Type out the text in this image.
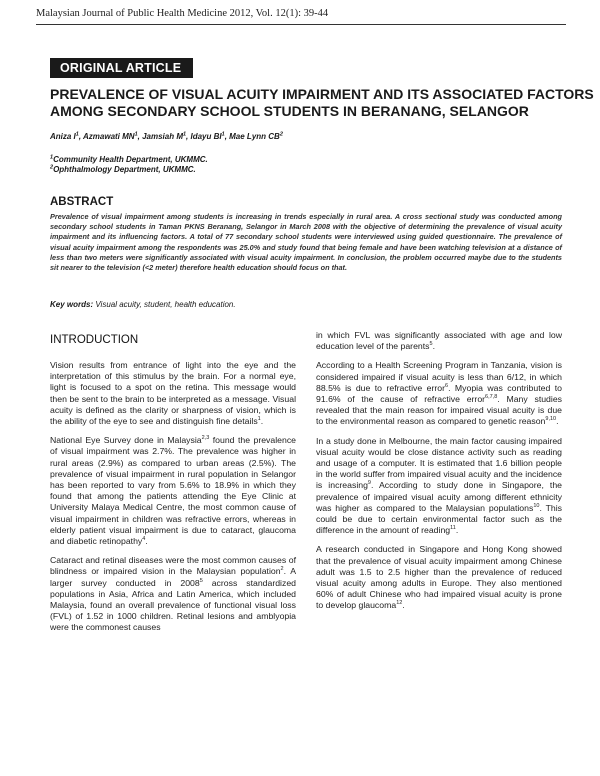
Malaysian Journal of Public Health Medicine 2012, Vol. 12(1): 39-44
ORIGINAL ARTICLE
PREVALENCE OF VISUAL ACUITY IMPAIRMENT AND ITS ASSOCIATED FACTORS
AMONG SECONDARY SCHOOL STUDENTS IN BERANANG, SELANGOR
Aniza $I^1$, Azmawati $MN^1$, Jamsiah $M^1$, Idayu $BI^1$, Mae Lynn $CB^2$
$^1$Community Health Department, UKMMC.
$^2$Ophthalmology Department, UKMMC.
ABSTRACT
Prevalence of visual impairment among students is increasing in trends especially in rural area. A cross sectional study was conducted among secondary school students in Taman PKNS Beranang, Selangor in March 2008 with the objective of determining the prevalence of visual acuity impairment and its influencing factors. A total of 77 secondary school students were interviewed using guided questionnaire. The prevalence of visual acuity impairment among the respondents was 25.0% and study found that being female and have been watching television at a distance of less than two meters were significantly associated with visual acuity impairment. In conclusion, the problem occurred maybe due to the students sit nearer to the television (<2 meter) therefore health education should focus on that.
Key words: Visual acuity, student, health education.
INTRODUCTION

Vision results from entrance of light into the eye and the interpretation of this stimulus by the brain. For a normal eye, light is focused to a spot on the retina. This message would then be sent to the brain to be interpreted as a message. Visual acuity is defined as the clarity or sharpness of vision, which is the ability of the eye to see and distinguish fine details$^1$.

National Eye Survey done in Malaysia$^{2,3}$ found the prevalence of visual impairment was 2.7%. The prevalence was higher in rural areas (2.9%) as compared to urban areas (2.5%). The prevalence of visual impairment in rural population in Selangor has been reported to vary from 5.6% to 18.9% in which they found that among the patients attending the Eye Clinic at University Malaya Medical Centre, the most common cause of visual impairment in children was refractive errors, whereas in elderly patient visual impairment is due to cataract, glaucoma and diabetic retinopathy$^4$.

Cataract and retinal diseases were the most common causes of blindness or impaired vision in the Malaysian population$^2$. A larger survey conducted in 2008$^5$ across standardized populations in Asia, Africa and Latin America, which included Malaysia, found an overall prevalence of functional visual loss (FVL) of 1.52 in 1000 children. Retinal lesions and amblyopia were the commonest causes

in which FVL was significantly associated with age and low education level of the parents$^5$.

According to a Health Screening Program in Tanzania, vision is considered impaired if visual acuity is less than 6/12, in which 88.5% is due to refractive error$^6$. Myopia was contributed to 91.6% of the cause of refractive error$^{6,7,8}$. Many studies revealed that the main reason for impaired visual acuity is due to the environmental reason as compared to genetic reason$^{9,10}$.

In a study done in Melbourne, the main factor causing impaired visual acuity would be close distance activity such as reading and usage of a computer. It is estimated that 1.6 billion people in the world suffer from impaired visual acuity and the incidence is increasing$^9$. According to study done in Singapore, the prevalence of impaired visual acuity among different ethnicity was higher as compared to the Malaysian populations$^{10}$. This could be due to certain environmental factor such as the difference in the amount of reading$^{11}$.

A research conducted in Singapore and Hong Kong showed that the prevalence of visual acuity impairment among Chinese adult was 1.5 to 2.5 higher than the prevalence of reduced visual acuity among adults in Europe. They also mentioned 60% of adult Chinese who had impaired visual acuity is prone to develop glaucoma$^{12}$.
